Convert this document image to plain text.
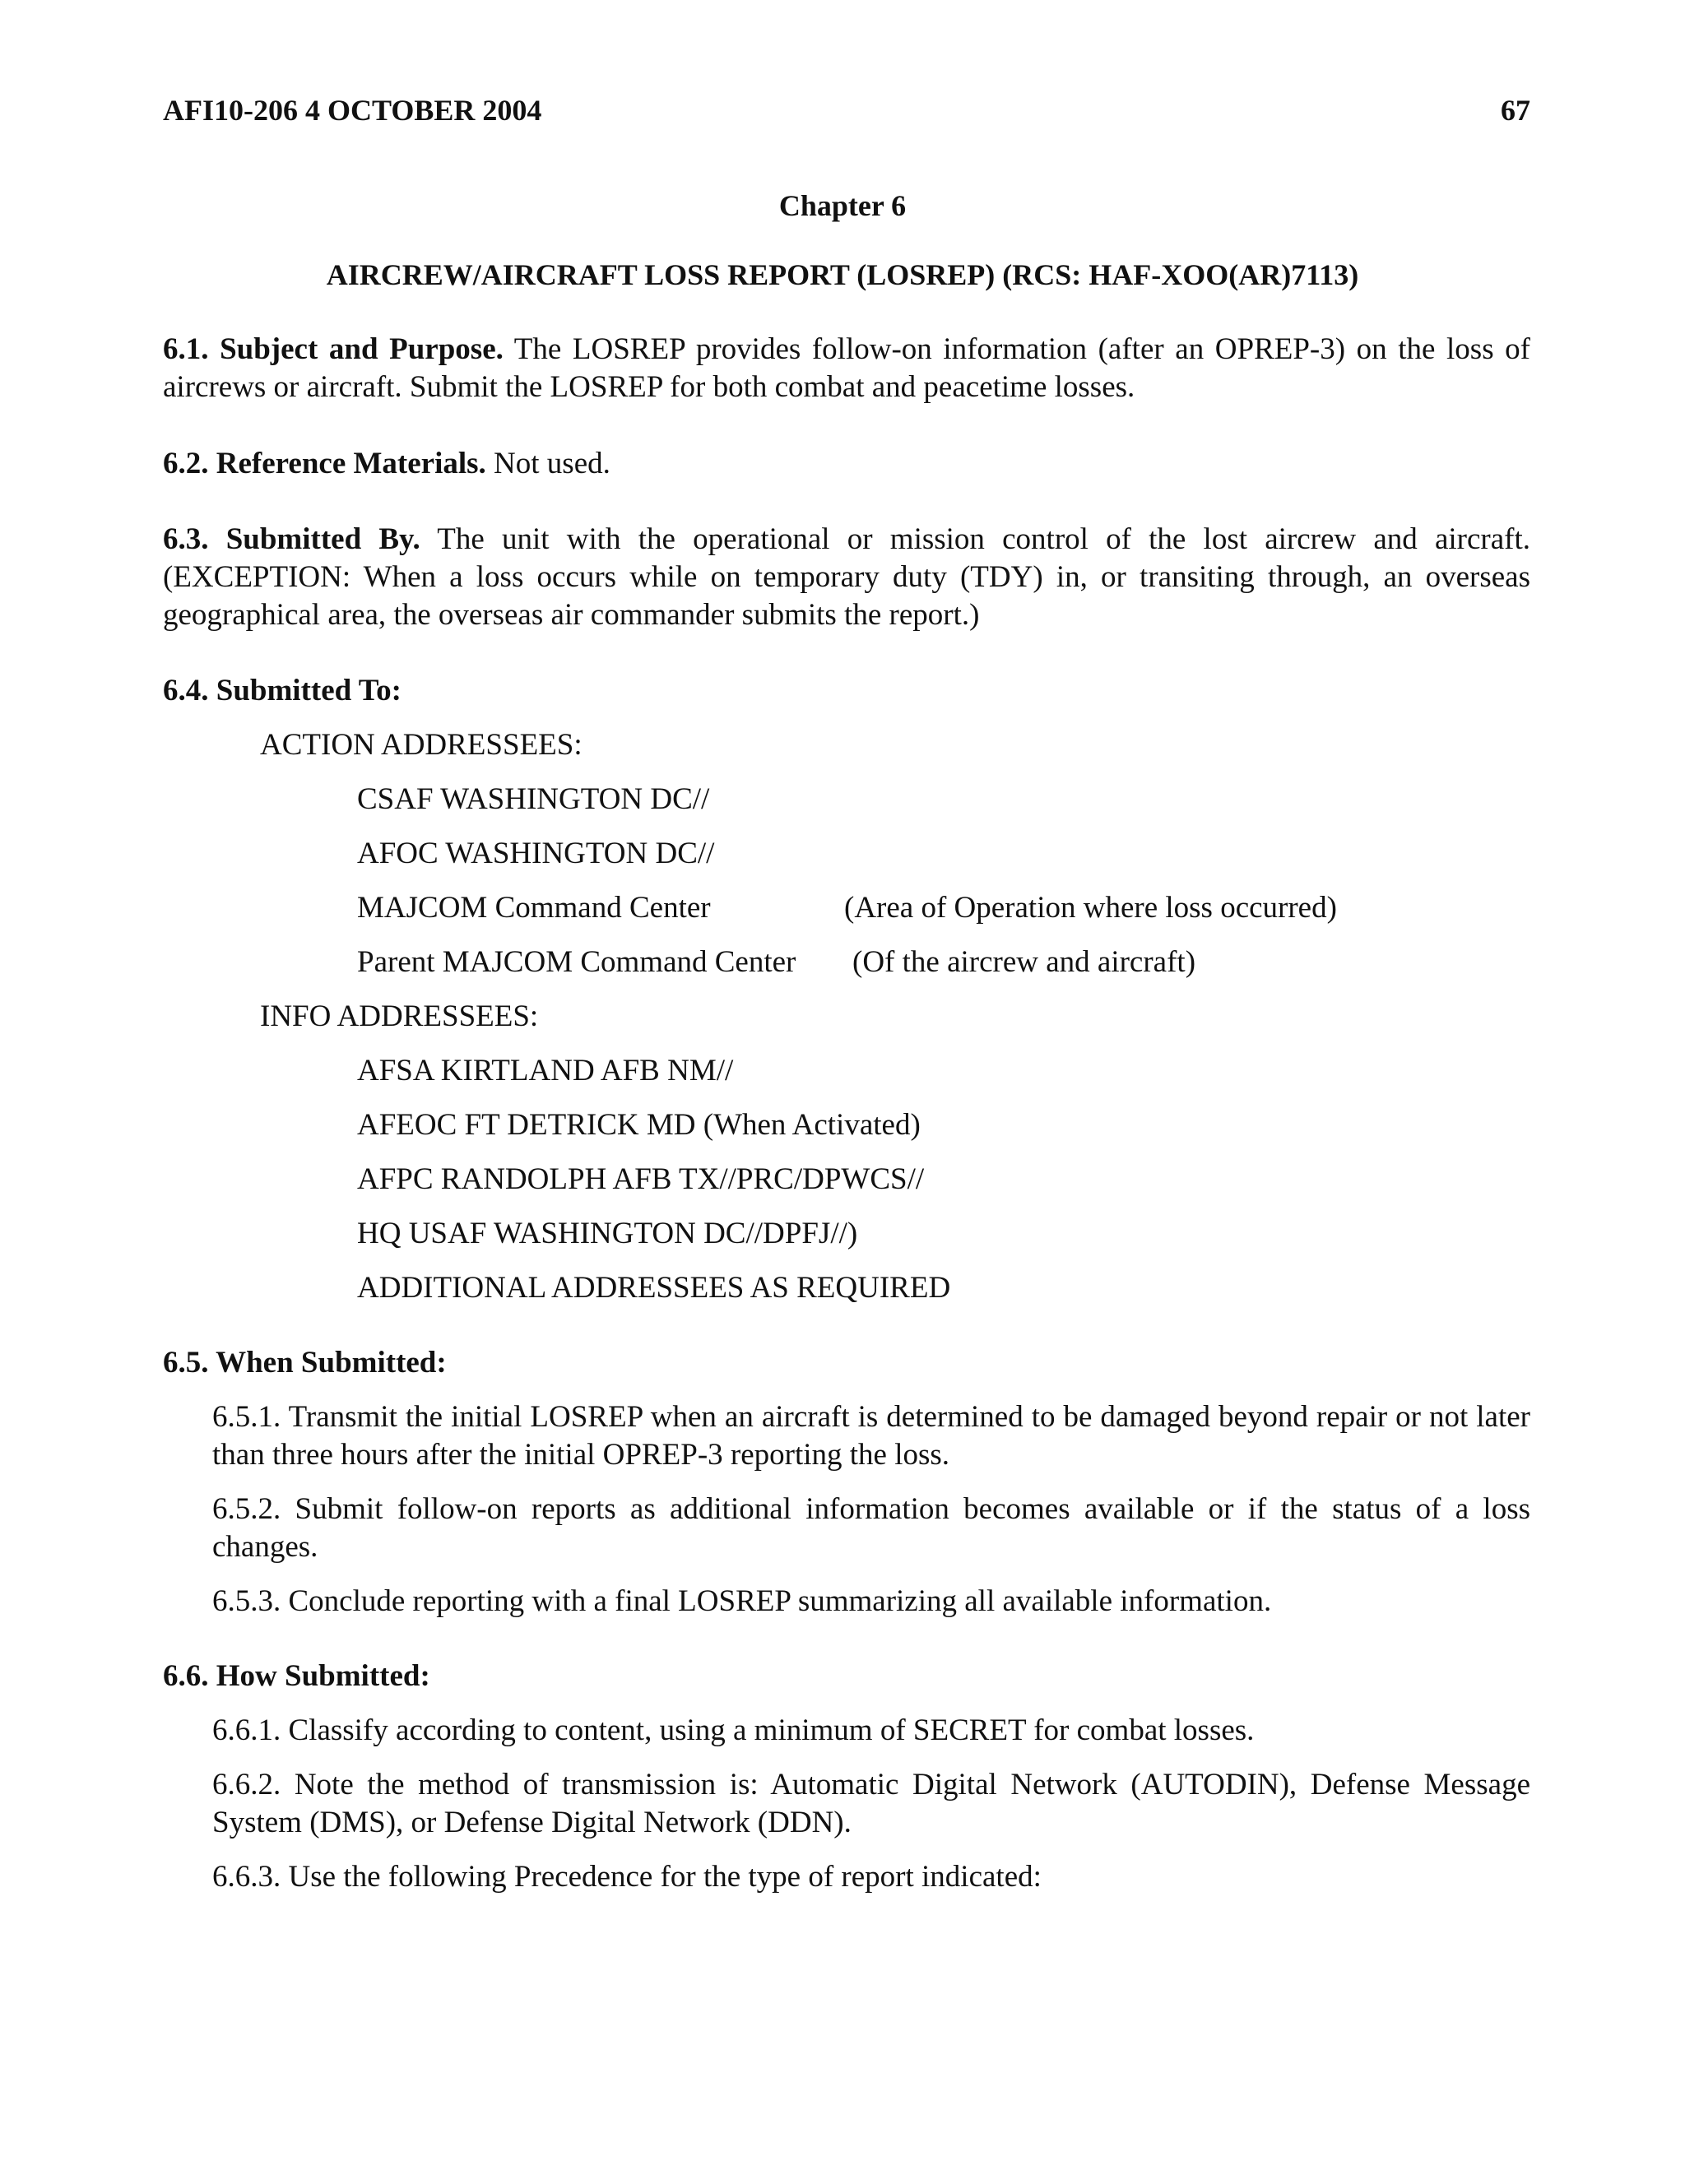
AFI10-206 4 OCTOBER 2004	67
Chapter 6
AIRCREW/AIRCRAFT LOSS REPORT (LOSREP) (RCS: HAF-XOO(AR)7113)
6.1. Subject and Purpose. The LOSREP provides follow-on information (after an OPREP-3) on the loss of aircrews or aircraft. Submit the LOSREP for both combat and peacetime losses.
6.2. Reference Materials. Not used.
6.3. Submitted By. The unit with the operational or mission control of the lost aircrew and aircraft. (EXCEPTION: When a loss occurs while on temporary duty (TDY) in, or transiting through, an overseas geographical area, the overseas air commander submits the report.)
6.4. Submitted To:
ACTION ADDRESSEES:
CSAF WASHINGTON DC//
AFOC WASHINGTON DC//
MAJCOM Command Center	(Area of Operation where loss occurred)
Parent MAJCOM Command Center (Of the aircrew and aircraft)
INFO ADDRESSEES:
AFSA KIRTLAND AFB NM//
AFEOC FT DETRICK MD (When Activated)
AFPC RANDOLPH AFB TX//PRC/DPWCS//
HQ USAF WASHINGTON DC//DPFJ//)
ADDITIONAL ADDRESSEES AS REQUIRED
6.5. When Submitted:
6.5.1. Transmit the initial LOSREP when an aircraft is determined to be damaged beyond repair or not later than three hours after the initial OPREP-3 reporting the loss.
6.5.2. Submit follow-on reports as additional information becomes available or if the status of a loss changes.
6.5.3. Conclude reporting with a final LOSREP summarizing all available information.
6.6. How Submitted:
6.6.1. Classify according to content, using a minimum of SECRET for combat losses.
6.6.2. Note the method of transmission is: Automatic Digital Network (AUTODIN), Defense Message System (DMS), or Defense Digital Network (DDN).
6.6.3. Use the following Precedence for the type of report indicated:
